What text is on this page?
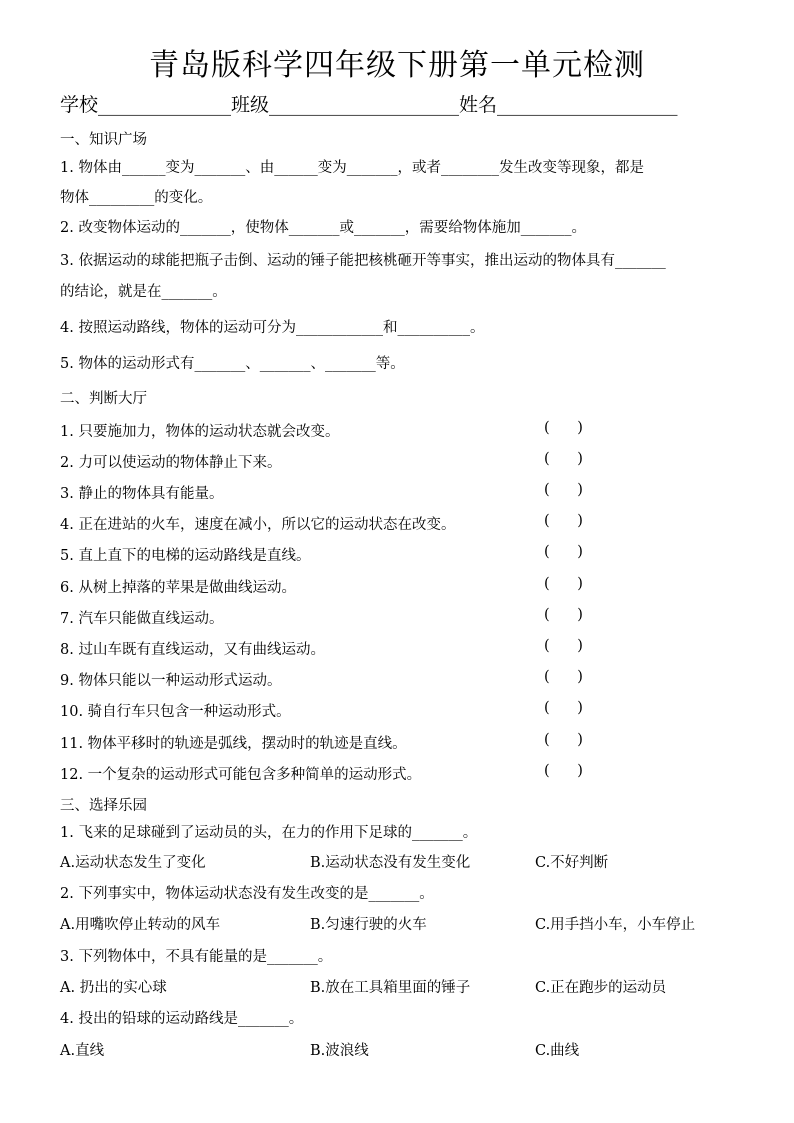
青岛版科学四年级下册第一单元检测
学校______________班级____________________姓名___________________
一、知识广场
1. 物体由______变为_______、由______变为_______，或者________发生改变等现象，都是
物体_________的变化。
2. 改变物体运动的_______，使物体_______或_______，需要给物体施加_______。
3. 依据运动的球能把瓶子击倒、运动的锤子能把核桃砸开等事实，推出运动的物体具有_______
的结论，就是在_______。
4. 按照运动路线，物体的运动可分为____________和__________。
5. 物体的运动形式有_______、_______、_______等。
二、判断大厅
1. 只要施加力，物体的运动状态就会改变。	(      )
2. 力可以使运动的物体静止下来。	(      )
3. 静止的物体具有能量。	(      )
4. 正在进站的火车，速度在减小，所以它的运动状态在改变。	(      )
5. 直上直下的电梯的运动路线是直线。	(      )
6. 从树上掉落的苹果是做曲线运动。	(      )
7. 汽车只能做直线运动。	(      )
8. 过山车既有直线运动，又有曲线运动。	(      )
9. 物体只能以一种运动形式运动。	(      )
10. 骑自行车只包含一种运动形式。	(      )
11. 物体平移时的轨迹是弧线，摆动时的轨迹是直线。	(      )
12. 一个复杂的运动形式可能包含多种简单的运动形式。	(      )
三、选择乐园
1. 飞来的足球碰到了运动员的头，在力的作用下足球的_______。
A.运动状态发生了变化	B.运动状态没有发生变化	C.不好判断
2. 下列事实中，物体运动状态没有发生改变的是_______。
A.用嘴吹停止转动的风车	B.匀速行驶的火车	C.用手挡小车，小车停止
3. 下列物体中，不具有能量的是_______。
A. 扔出的实心球	B.放在工具箱里面的锤子	C.正在跑步的运动员
4. 投出的铅球的运动路线是_______。
A.直线	B.波浪线	C.曲线
